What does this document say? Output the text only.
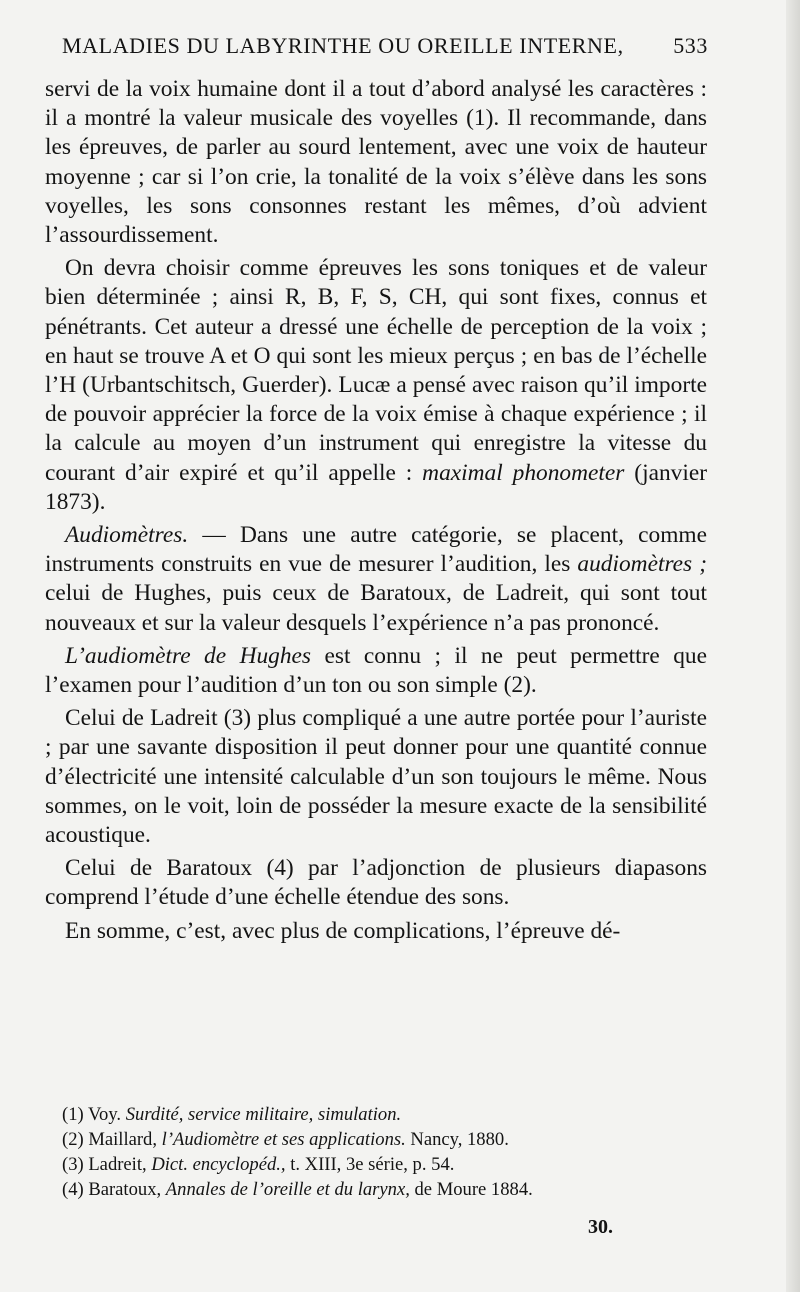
MALADIES DU LABYRINTHE OU OREILLE INTERNE, 533

servi de la voix humaine dont il a tout d’abord analysé les caractères : il a montré la valeur musicale des voyelles (1). Il recommande, dans les épreuves, de parler au sourd lentement, avec une voix de hauteur moyenne ; car si l’on crie, la tonalité de la voix s’élève dans les sons voyelles, les sons consonnes restant les mêmes, d’où advient l’assourdissement.

On devra choisir comme épreuves les sons toniques et de valeur bien déterminée ; ainsi R, B, F, S, CH, qui sont fixes, connus et pénétrants. Cet auteur a dressé une échelle de perception de la voix ; en haut se trouve A et O qui sont les mieux perçus ; en bas de l’échelle l’H (Urbantschitsch, Guerder). Lucæ a pensé avec raison qu’il importe de pouvoir apprécier la force de la voix émise à chaque expérience ; il la calcule au moyen d’un instrument qui enregistre la vitesse du courant d’air expiré et qu’il appelle : maximal phonometer (janvier 1873).

Audiomètres. — Dans une autre catégorie, se placent, comme instruments construits en vue de mesurer l’audition, les audiomètres ; celui de Hughes, puis ceux de Baratoux, de Ladreit, qui sont tout nouveaux et sur la valeur desquels l’expérience n’a pas prononcé.

L’audiomètre de Hughes est connu ; il ne peut permettre que l’examen pour l’audition d’un ton ou son simple (2).

Celui de Ladreit (3) plus compliqué a une autre portée pour l’auriste ; par une savante disposition il peut donner pour une quantité connue d’électricité une intensité calculable d’un son toujours le même. Nous sommes, on le voit, loin de posséder la mesure exacte de la sensibilité acoustique.

Celui de Baratoux (4) par l’adjonction de plusieurs diapasons comprend l’étude d’une échelle étendue des sons.

En somme, c’est, avec plus de complications, l’épreuve dé-

(1) Voy. Surdité, service militaire, simulation.
(2) Maillard, l’Audiomètre et ses applications. Nancy, 1880.
(3) Ladreit, Dict. encyclopéd., t. XIII, 3e série, p. 54.
(4) Baratoux, Annales de l’oreille et du larynx, de Moure 1884.
30.
